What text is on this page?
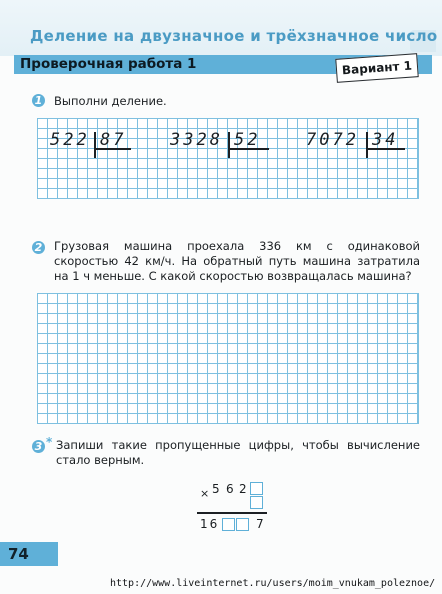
Деление на двузначное и трёхзначное число
Проверочная работа 1	Вариант 1
1 Выполни деление.

522 87	3328 52	7072 34
2 Грузовая машина проехала 336 км с одинаковой скоростью 42 км/ч. На обратный путь машина затратила на 1 ч меньше. С какой скоростью возвращалась машина?

3 * Запиши такие пропущенные цифры, чтобы вычисление стало верным.

× 5 6 2
16	7

74

http://www.liveinternet.ru/users/moim_vnukam_poleznoe/
